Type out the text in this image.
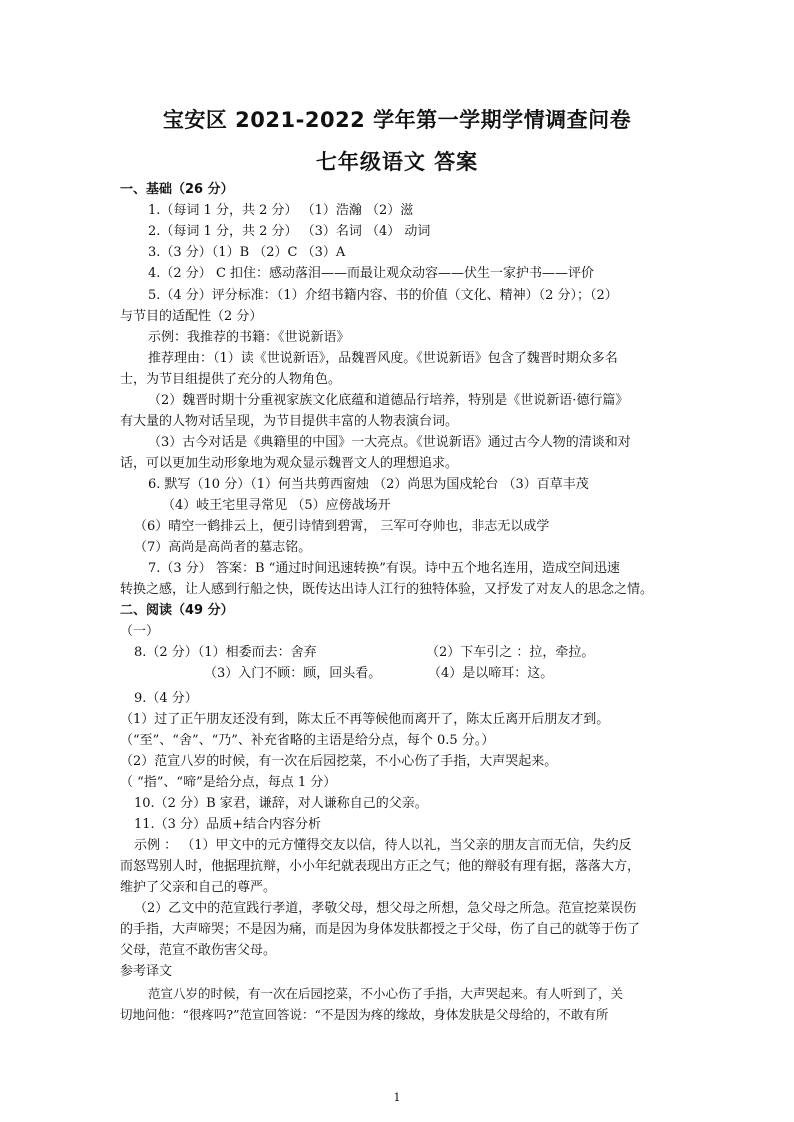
宝安区 2021-2022 学年第一学期学情调查问卷
七年级语文 答案
一、基础（26 分）
1.（每词 1 分，共 2 分） （1）浩瀚 （2）滋
2.（每词 1 分，共 2 分） （3）名词 （4） 动词
3.（3 分）（1）B （2）C （3）A
4.（2 分） C 扣住：感动落泪——而最让观众动容——伏生一家护书——评价
5.（4 分）评分标准：（1）介绍书籍内容、书的价值（文化、精神）（2 分）；（2）
与节目的适配性（2 分）
示例：我推荐的书籍：《世说新语》
推荐理由：（1）读《世说新语》，品魏晋风度。《世说新语》包含了魏晋时期众多名
士，为节目组提供了充分的人物角色。
（2）魏晋时期十分重视家族文化底蕴和道德品行培养，特别是《世说新语·德行篇》
有大量的人物对话呈现，为节目提供丰富的人物表演台词。
（3）古今对话是《典籍里的中国》一大亮点。《世说新语》通过古今人物的清谈和对
话，可以更加生动形象地为观众显示魏晋文人的理想追求。
6. 默写（10 分）（1）何当共剪西窗烛 （2）尚思为国戍轮台 （3）百草丰茂
（4）岐王宅里寻常见 （5）应傍战场开
（6）晴空一鹤排云上，便引诗情到碧霄， 三军可夺帅也，非志无以成学
（7）高尚是高尚者的墓志铭。
7.（3 分） 答案：B “通过时间迅速转换”有误。诗中五个地名连用，造成空间迅速
转换之感，让人感到行船之快，既传达出诗人江行的独特体验，又抒发了对友人的思念之情。
二、阅读（49 分）
（一）
8.（2 分）（1）相委而去：舍弃	（2）下车引之 ：拉，牵拉。
（3）入门不顾：顾，回头看。	（4）是以啼耳：这。
9.（4 分）
（1）过了正午朋友还没有到，陈太丘不再等候他而离开了，陈太丘离开后朋友才到。
（“至”、“舍”、“乃”、补充省略的主语是给分点，每个 0.5 分。）
（2）范宣八岁的时候，有一次在后园挖菜，不小心伤了手指，大声哭起来。
（ “指”、“啼”是给分点，每点 1 分）
10.（2 分）B 家君，谦辞，对人谦称自己的父亲。
11.（3 分）品质+结合内容分析
示例 ： （1）甲文中的元方懂得交友以信，待人以礼，当父亲的朋友言而无信，失约反
而怒骂别人时，他据理抗辩，小小年纪就表现出方正之气；他的辩驳有理有据，落落大方，
维护了父亲和自己的尊严。
（2）乙文中的范宣践行孝道，孝敬父母，想父母之所想，急父母之所急。范宣挖菜误伤
的手指，大声啼哭；不是因为痛，而是因为身体发肤都授之于父母，伤了自己的就等于伤了
父母，范宣不敢伤害父母。
参考译文
范宣八岁的时候，有一次在后园挖菜，不小心伤了手指，大声哭起来。有人听到了，关
切地问他：“很疼吗?”范宣回答说：“不是因为疼的缘故，身体发肤是父母给的，不敢有所
1
